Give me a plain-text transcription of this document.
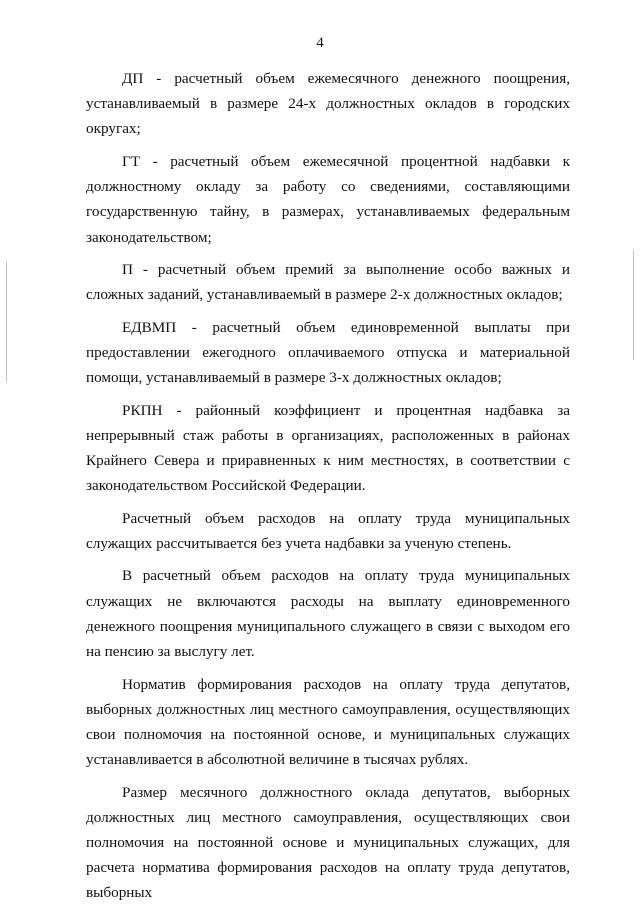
4

ДП - расчетный объем ежемесячного денежного поощрения, устанавливаемый в размере 24-х должностных окладов в городских округах;

ГТ - расчетный объем ежемесячной процентной надбавки к должностному окладу за работу со сведениями, составляющими государственную тайну, в размерах, устанавливаемых федеральным законодательством;

П - расчетный объем премий за выполнение особо важных и сложных заданий, устанавливаемый в размере 2-х должностных окладов;

ЕДВМП - расчетный объем единовременной выплаты при предоставлении ежегодного оплачиваемого отпуска и материальной помощи, устанавливаемый в размере 3-х должностных окладов;

РКПН - районный коэффициент и процентная надбавка за непрерывный стаж работы в организациях, расположенных в районах Крайнего Севера и приравненных к ним местностях, в соответствии с законодательством Российской Федерации.

Расчетный объем расходов на оплату труда муниципальных служащих рассчитывается без учета надбавки за ученую степень.

В расчетный объем расходов на оплату труда муниципальных служащих не включаются расходы на выплату единовременного денежного поощрения муниципального служащего в связи с выходом его на пенсию за выслугу лет.

Норматив формирования расходов на оплату труда депутатов, выборных должностных лиц местного самоуправления, осуществляющих свои полномочия на постоянной основе, и муниципальных служащих устанавливается в абсолютной величине в тысячах рублях.

Размер месячного должностного оклада депутатов, выборных должностных лиц местного самоуправления, осуществляющих свои полномочия на постоянной основе и муниципальных служащих, для расчета норматива формирования расходов на оплату труда депутатов, выборных
